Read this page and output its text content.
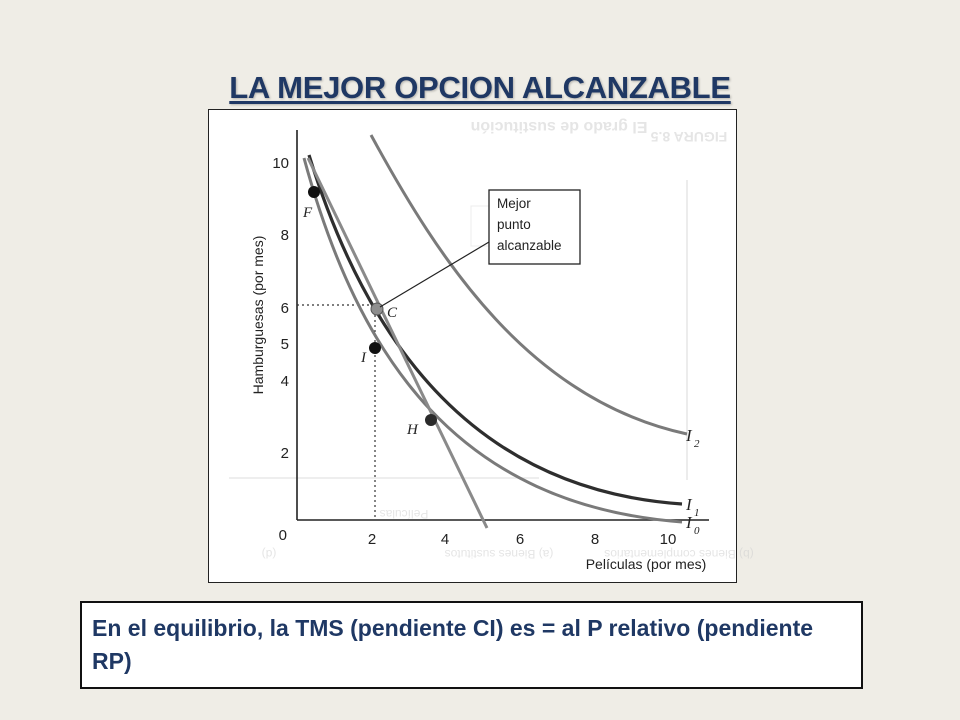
LA MEJOR OPCION ALCANZABLE
El grado de sustitución
FIGURA 8.5
Películas
(a) Bienes sustitutos	(b) Bienes complementarios
(d)
10
8
6
5
4
2
0	2	4	6	8	10
Hamburguesas (por mes)
Películas (por mes)
F
C
I
H
Mejor
punto
alcanzable
I 2
I 1
I 0
En el equilibrio, la TMS (pendiente CI) es = al P relativo (pendiente RP)
